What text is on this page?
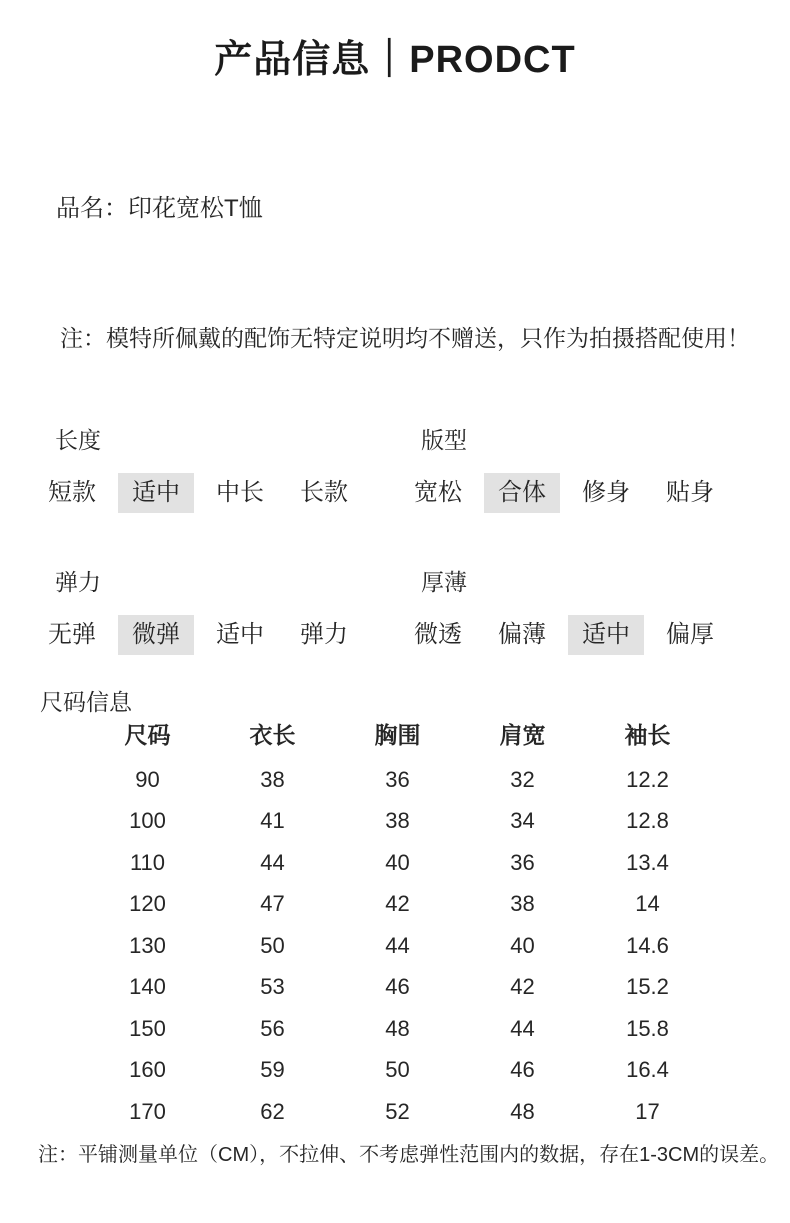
产品信息｜PRODCT
品名：印花宽松T恤
注：模特所佩戴的配饰无特定说明均不赠送，只作为拍摄搭配使用！
长度
短款	适中	中长	长款
版型
宽松	合体	修身	贴身
弹力
无弹	微弹	适中	弹力
厚薄
微透	偏薄	适中	偏厚
尺码信息
尺码	衣长	胸围	肩宽	袖长
90	38	36	32	12.2
100	41	38	34	12.8
110	44	40	36	13.4
120	47	42	38	14
130	50	44	40	14.6
140	53	46	42	15.2
150	56	48	44	15.8
160	59	50	46	16.4
170	62	52	48	17
注：平铺测量单位（CM），不拉伸、不考虑弹性范围内的数据，存在1-3CM的误差。
